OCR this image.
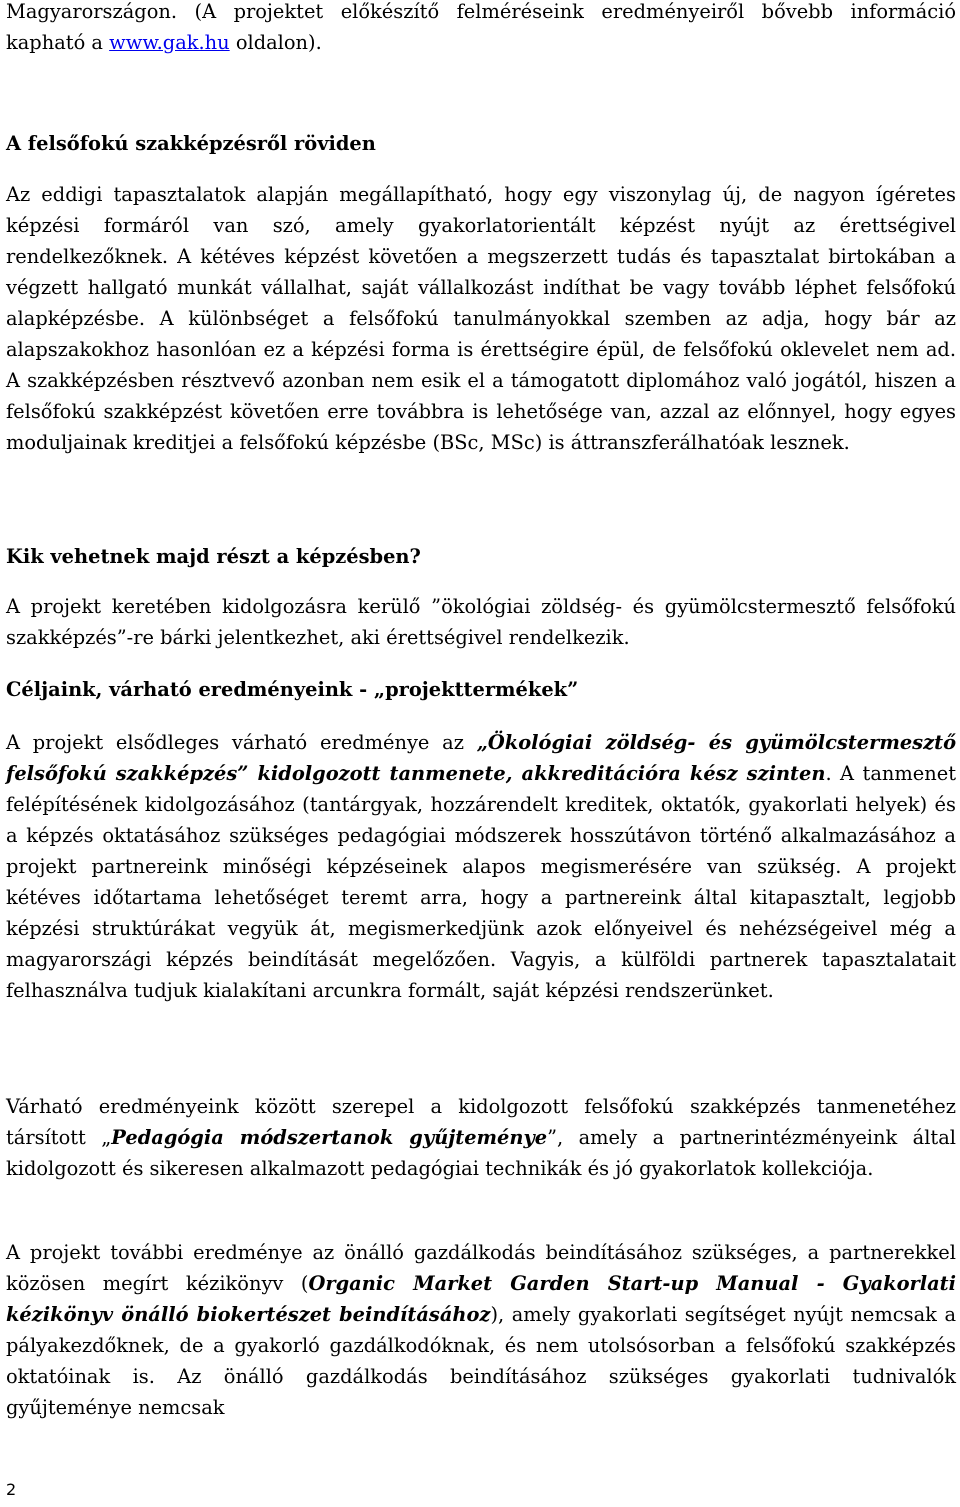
Magyarországon. (A projektet előkészítő felméréseink eredményeiről bővebb információ kapható a www.gak.hu oldalon).

A felsőfokú szakképzésről röviden

Az eddigi tapasztalatok alapján megállapítható, hogy egy viszonylag új, de nagyon ígéretes képzési formáról van szó, amely gyakorlatorientált képzést nyújt az érettségivel rendelkezőknek. A kétéves képzést követően a megszerzett tudás és tapasztalat birtokában a végzett hallgató munkát vállalhat, saját vállalkozást indíthat be vagy tovább léphet felsőfokú alapképzésbe. A különbséget a felsőfokú tanulmányokkal szemben az adja, hogy bár az alapszakokhoz hasonlóan ez a képzési forma is érettségire épül, de felsőfokú oklevelet nem ad. A szakképzésben résztvevő azonban nem esik el a támogatott diplomához való jogától, hiszen a felsőfokú szakképzést követően erre továbbra is lehetősége van, azzal az előnnyel, hogy egyes moduljainak kreditjei a felsőfokú képzésbe (BSc, MSc) is áttranszferálhatóak lesznek.

Kik vehetnek majd részt a képzésben?

A projekt keretében kidolgozásra kerülő ”ökológiai zöldség- és gyümölcstermesztő felsőfokú szakképzés”-re bárki jelentkezhet, aki érettségivel rendelkezik.

Céljaink, várható eredményeink - „projekttermékek”

A projekt elsődleges várható eredménye az „Ökológiai zöldség- és gyümölcstermesztő felsőfokú szakképzés” kidolgozott tanmenete, akkreditációra kész szinten. A tanmenet felépítésének kidolgozásához (tantárgyak, hozzárendelt kreditek, oktatók, gyakorlati helyek) és a képzés oktatásához szükséges pedagógiai módszerek hosszútávon történő alkalmazásához a projekt partnereink minőségi képzéseinek alapos megismerésére van szükség. A projekt kétéves időtartama lehetőséget teremt arra, hogy a partnereink által kitapasztalt, legjobb képzési struktúrákat vegyük át, megismerkedjünk azok előnyeivel és nehézségeivel még a magyarországi képzés beindítását megelőzően. Vagyis, a külföldi partnerek tapasztalatait felhasználva tudjuk kialakítani arcunkra formált, saját képzési rendszerünket.

Várható eredményeink között szerepel a kidolgozott felsőfokú szakképzés tanmenetéhez társított „Pedagógia módszertanok gyűjteménye”, amely a partnerintézményeink által kidolgozott és sikeresen alkalmazott pedagógiai technikák és jó gyakorlatok kollekciója.

A projekt további eredménye az önálló gazdálkodás beindításához szükséges, a partnerekkel közösen megírt kézikönyv (Organic Market Garden Start-up Manual - Gyakorlati kézikönyv önálló biokertészet beindításához), amely gyakorlati segítséget nyújt nemcsak a pályakezdőknek, de a gyakorló gazdálkodóknak, és nem utolsósorban a felsőfokú szakképzés oktatóinak is. Az önálló gazdálkodás beindításához szükséges gyakorlati tudnivalók gyűjteménye nemcsak

2
